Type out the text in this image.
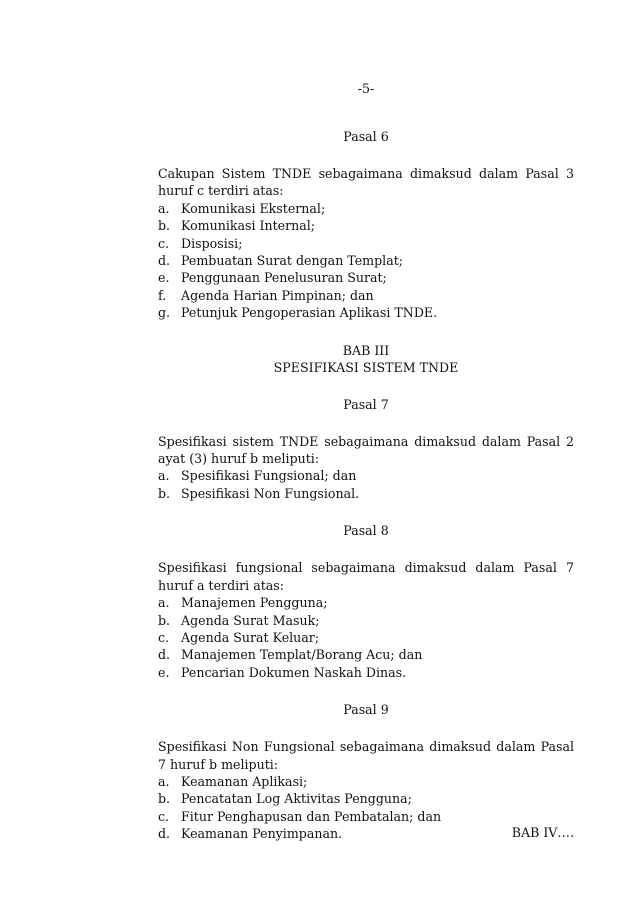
-5-
Pasal 6
Cakupan Sistem TNDE sebagaimana dimaksud dalam Pasal 3 huruf c terdiri atas:
a. Komunikasi Eksternal;
b. Komunikasi Internal;
c. Disposisi;
d. Pembuatan Surat dengan Templat;
e. Penggunaan Penelusuran Surat;
f.	Agenda Harian Pimpinan; dan
g. Petunjuk Pengoperasian Aplikasi TNDE.
BAB III
SPESIFIKASI SISTEM TNDE
Pasal 7
Spesifikasi sistem TNDE sebagaimana dimaksud dalam Pasal 2 ayat (3) huruf b meliputi:
a. Spesifikasi Fungsional; dan
b. Spesifikasi Non Fungsional.
Pasal 8
Spesifikasi fungsional sebagaimana dimaksud dalam Pasal 7 huruf a terdiri atas:
a. Manajemen Pengguna;
b. Agenda Surat Masuk;
c. Agenda Surat Keluar;
d. Manajemen Templat/Borang Acu; dan
e. Pencarian Dokumen Naskah Dinas.
Pasal 9
Spesifikasi Non Fungsional sebagaimana dimaksud dalam Pasal 7 huruf b meliputi:
a. Keamanan Aplikasi;
b. Pencatatan Log Aktivitas Pengguna;
c. Fitur Penghapusan dan Pembatalan; dan
d. Keamanan Penyimpanan.	BAB IV….
